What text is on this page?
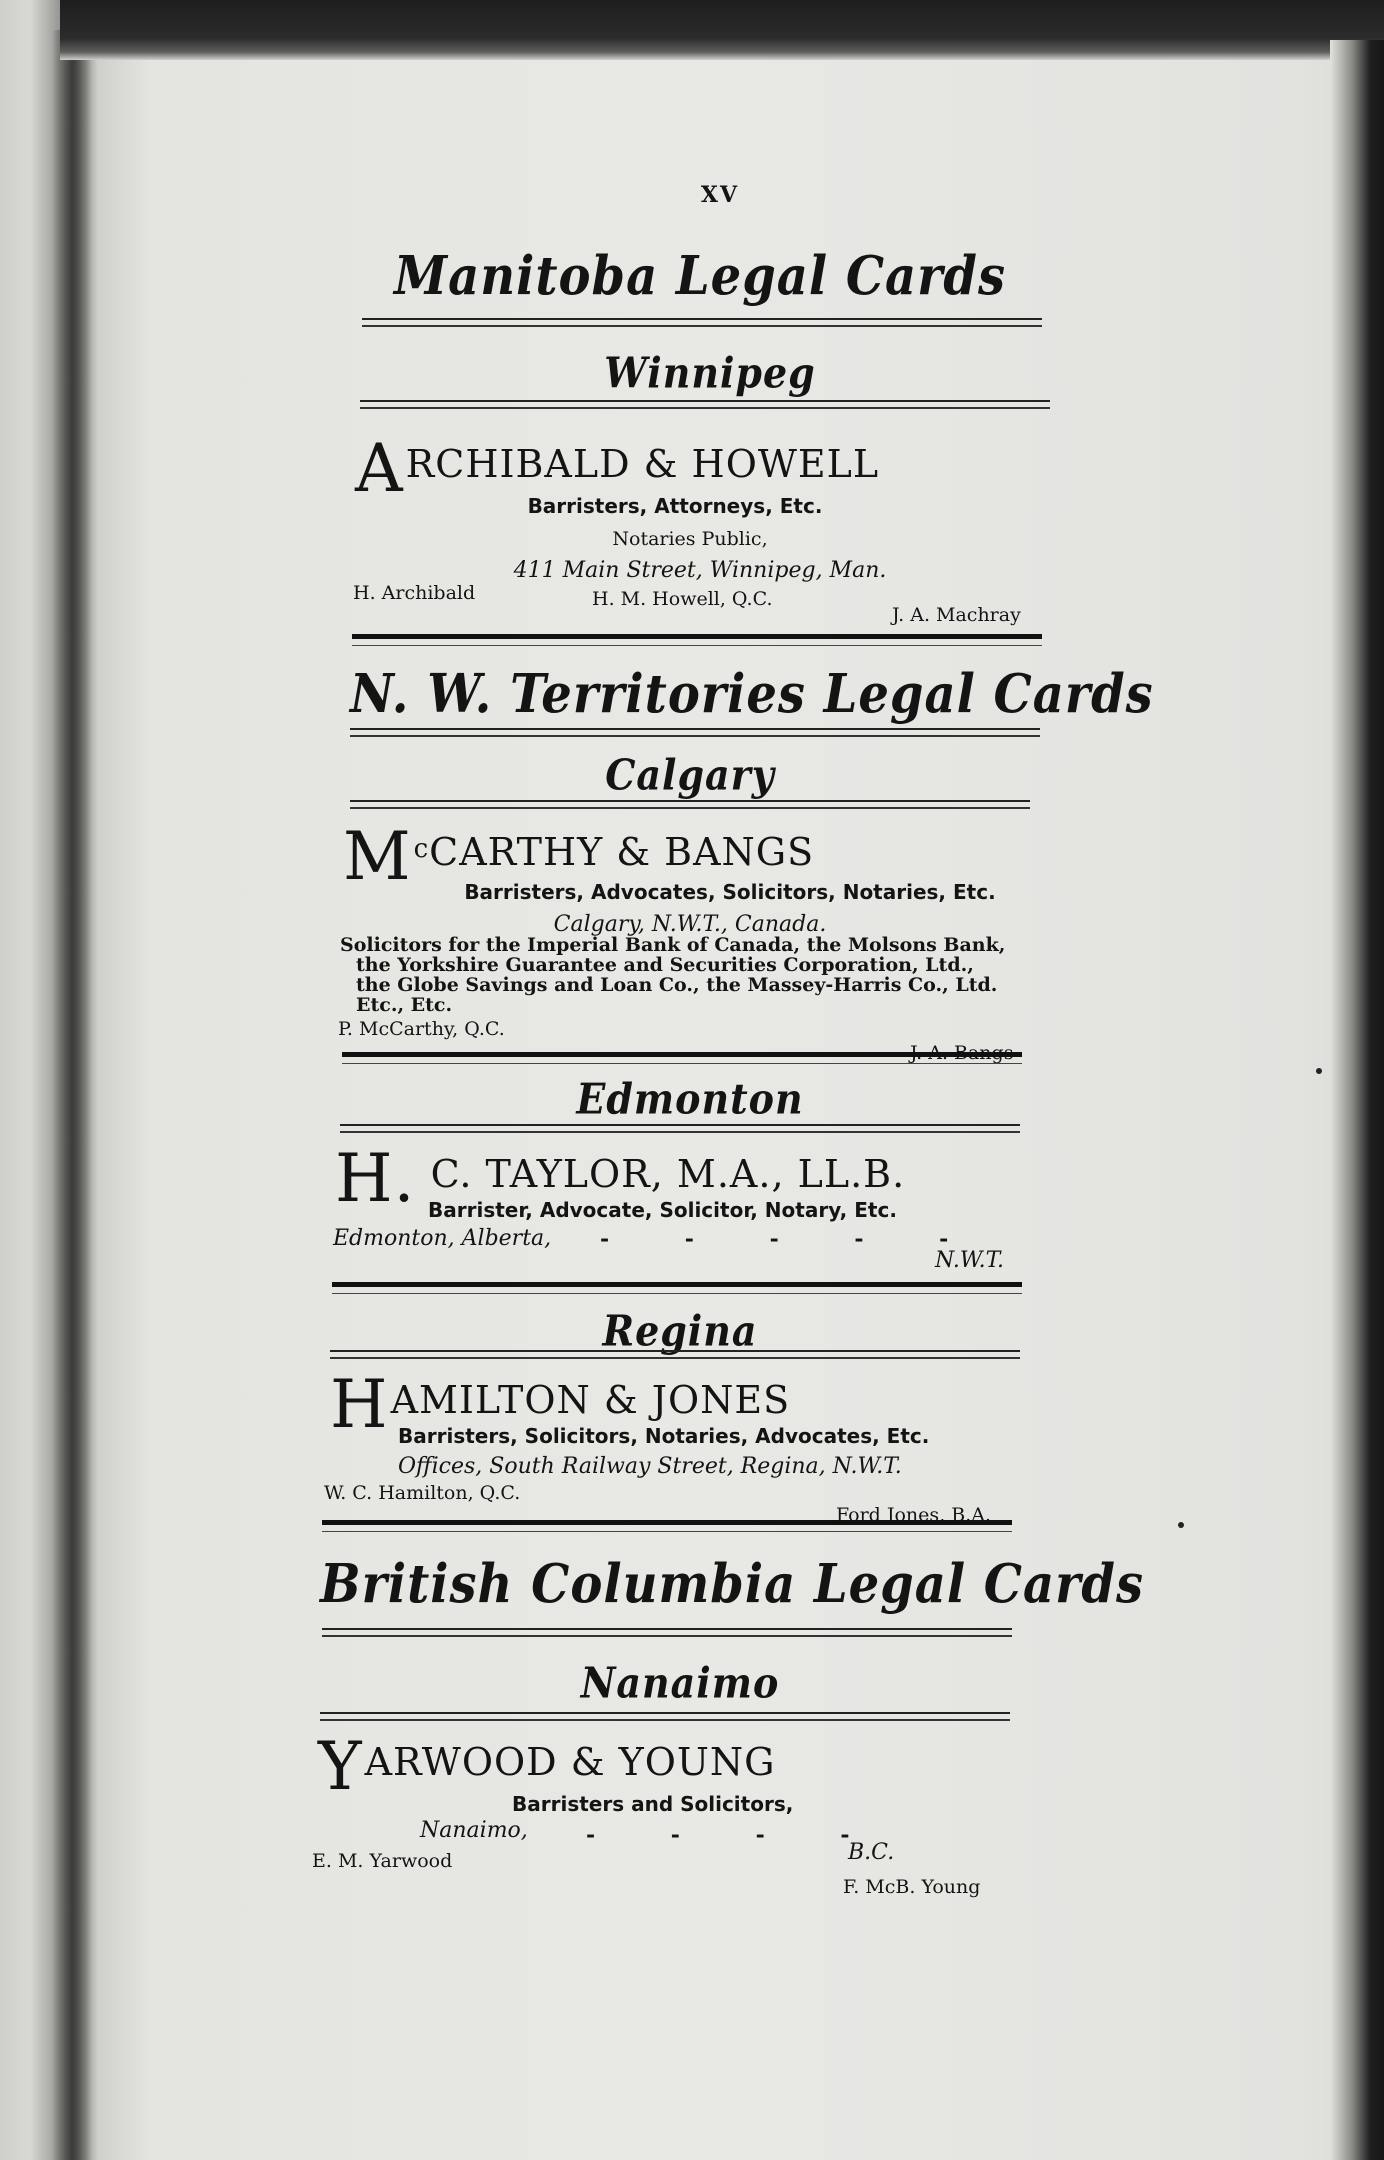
XV
Manitoba Legal Cards
Winnipeg
ARCHIBALD & HOWELL
Barristers, Attorneys, Etc.
Notaries Public,
411 Main Street, Winnipeg, Man.
H. Archibald	H. M. Howell, Q.C.
J. A. Machray
N. W. Territories Legal Cards
Calgary
$M^cCARTHY$ & BANGS
Barristers, Advocates, Solicitors, Notaries, Etc.
Calgary, N.W.T., Canada.
Solicitors for the Imperial Bank of Canada, the Molsons Bank,
the Yorkshire Guarantee and Securities Corporation, Ltd.,
the Globe Savings and Loan Co., the Massey-Harris Co., Ltd.
Etc., Etc.
P. McCarthy, Q.C.
J. A. Bangs
Edmonton
H. C. TAYLOR, M.A., LL.B.
Barrister, Advocate, Solicitor, Notary, Etc.
Edmonton, Alberta, - - - - -
N.W.T.
Regina
HAMILTON & JONES
Barristers, Solicitors, Notaries, Advocates, Etc.
Offices, South Railway Street, Regina, N.W.T.
W. C. Hamilton, Q.C.
Ford Jones, B.A.
British Columbia Legal Cards
Nanaimo
YARWOOD & YOUNG
Barristers and Solicitors,
Nanaimo,	- - - -
B.C.
E. M. Yarwood
F. McB. Young
